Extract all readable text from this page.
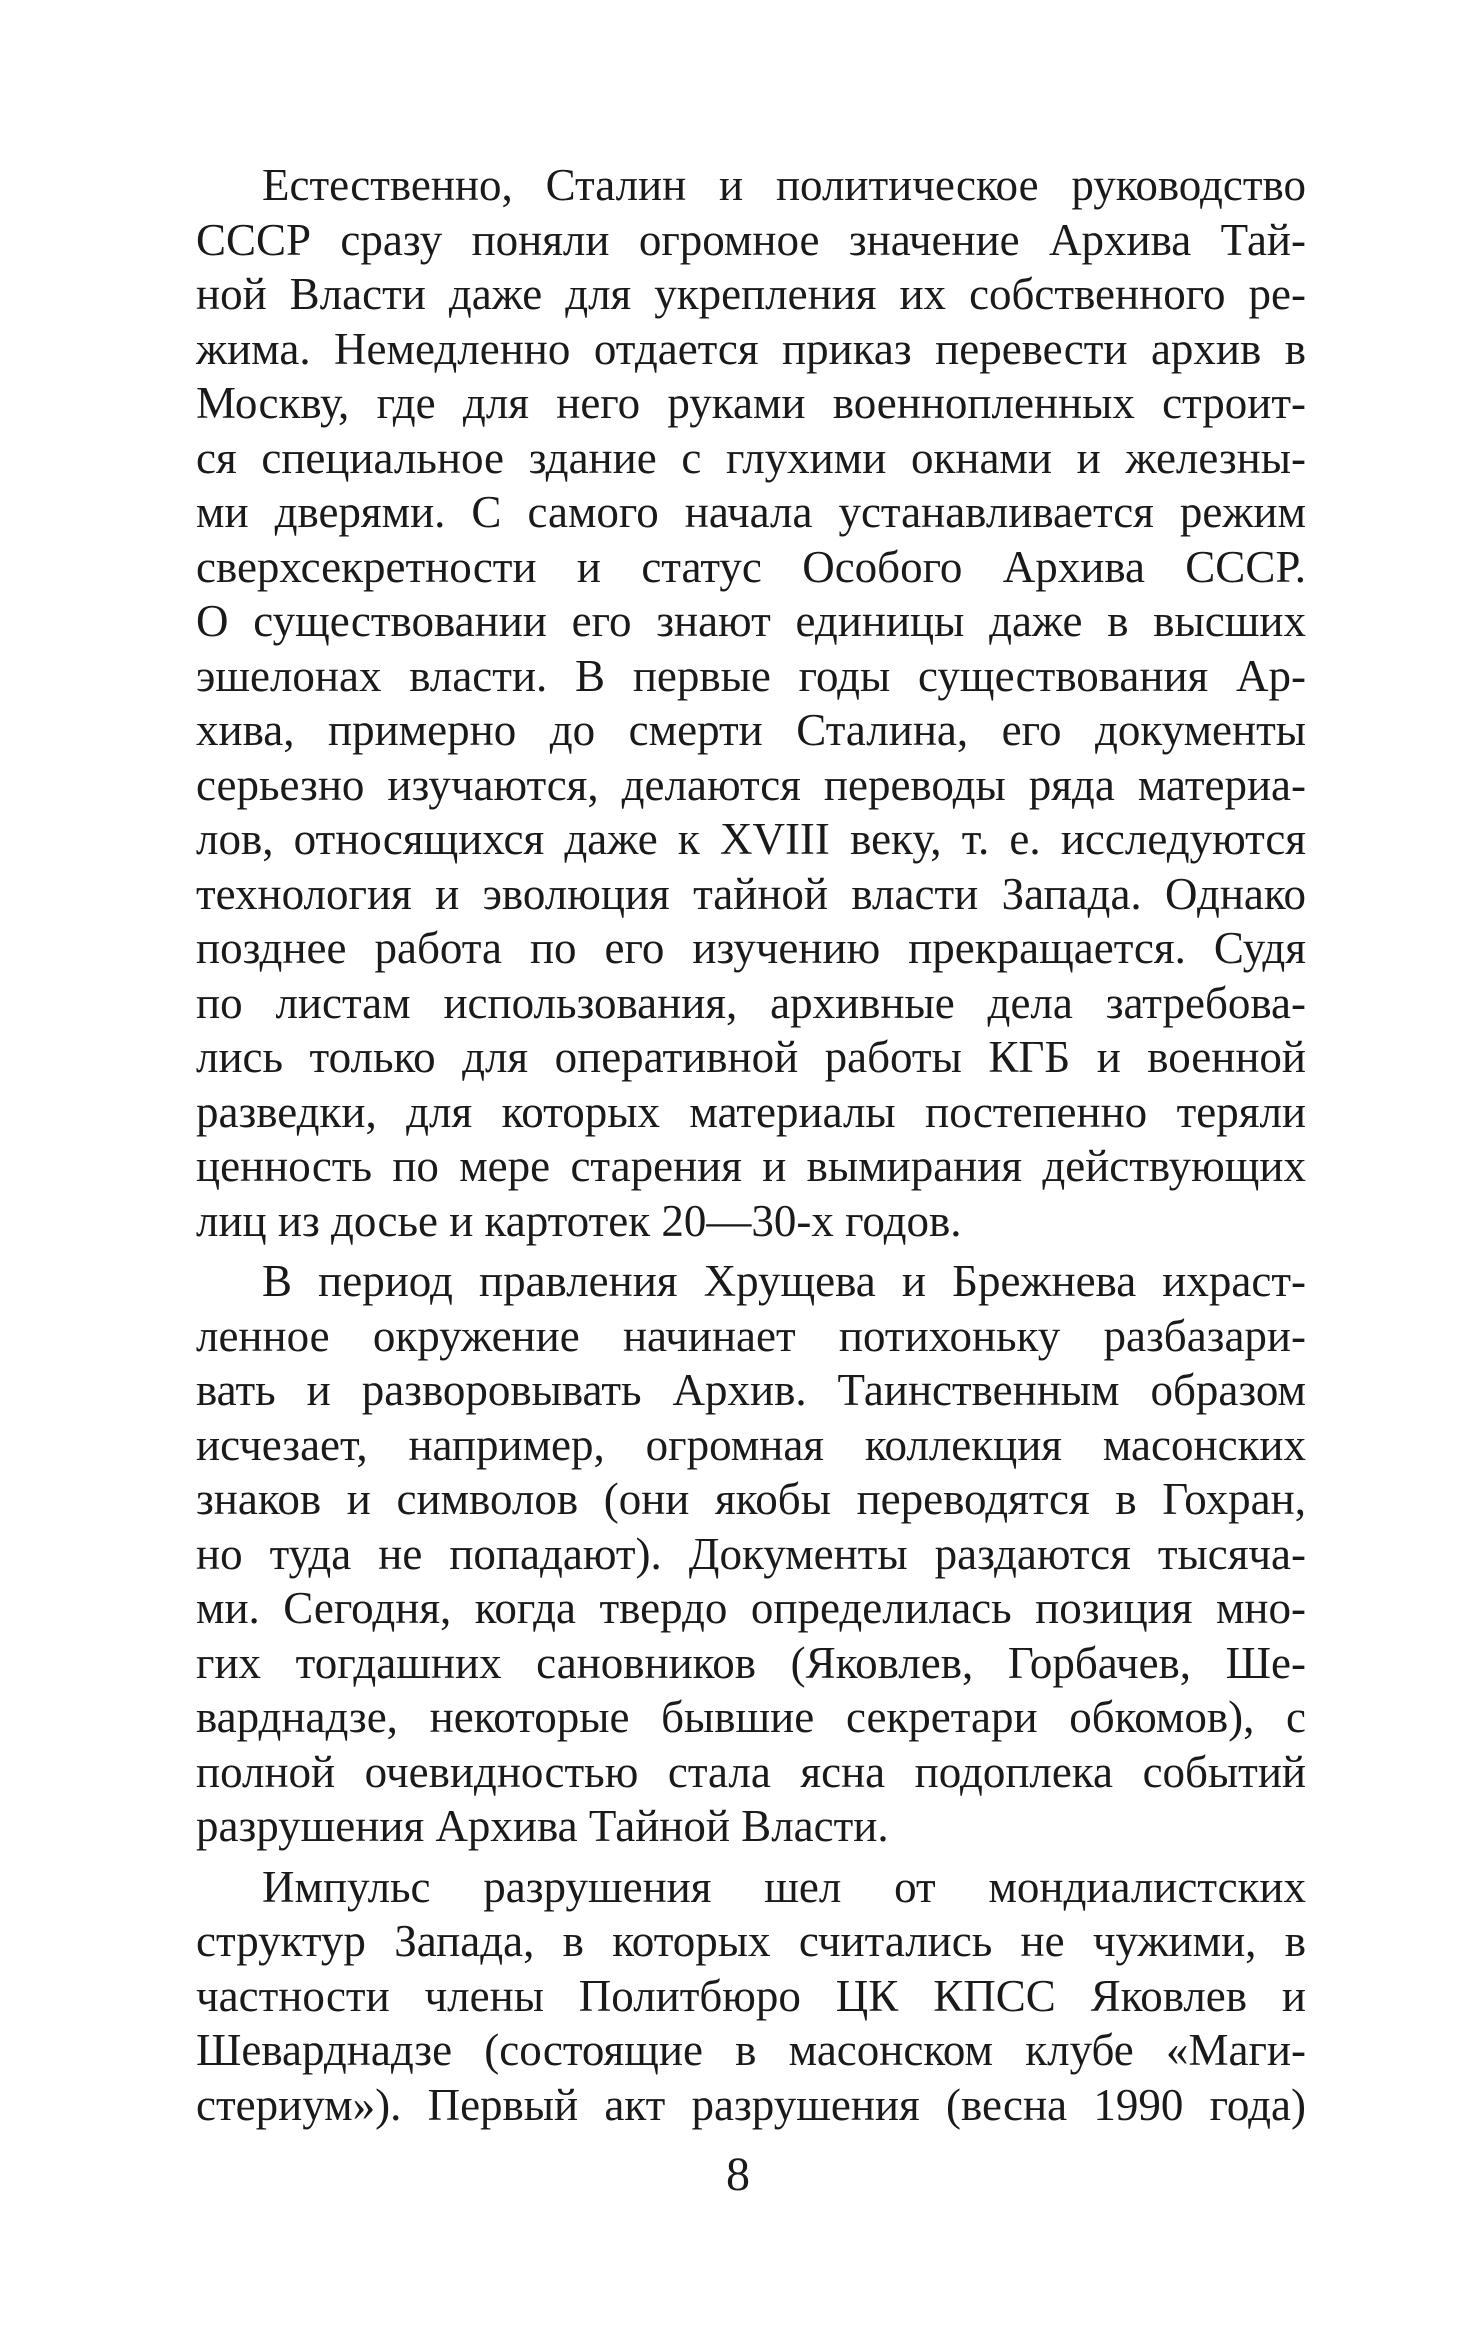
Естественно, Сталин и политическое руководство
СССР сразу поняли огромное значение Архива Тай-
ной Власти даже для укрепления их собственного ре-
жима. Немедленно отдается приказ перевести архив в
Москву, где для него руками военнопленных строит-
ся специальное здание с глухими окнами и железны-
ми дверями. С самого начала устанавливается режим
сверхсекретности и статус Особого Архива СССР.
О существовании его знают единицы даже в высших
эшелонах власти. В первые годы существования Ар-
хива, примерно до смерти Сталина, его документы
серьезно изучаются, делаются переводы ряда материа-
лов, относящихся даже к XVIII веку, т. е. исследуются
технология и эволюция тайной власти Запада. Однако
позднее работа по его изучению прекращается. Судя
по листам использования, архивные дела затребова-
лись только для оперативной работы КГБ и военной
разведки, для которых материалы постепенно теряли
ценность по мере старения и вымирания действующих
лиц из досье и картотек 20—30-х годов.
В период правления Хрущева и Брежнева ихраст-
ленное окружение начинает потихоньку разбазари-
вать и разворовывать Архив. Таинственным образом
исчезает, например, огромная коллекция масонских
знаков и символов (они якобы переводятся в Гохран,
но туда не попадают). Документы раздаются тысяча-
ми. Сегодня, когда твердо определилась позиция мно-
гих тогдашних сановников (Яковлев, Горбачев, Ше-
варднадзе, некоторые бывшие секретари обкомов), с
полной очевидностью стала ясна подоплека событий
разрушения Архива Тайной Власти.
Импульс разрушения шел от мондиалистских
структур Запада, в которых считались не чужими, в
частности члены Политбюро ЦК КПСС Яковлев и
Шеварднадзе (состоящие в масонском клубе «Маги-
стериум»). Первый акт разрушения (весна 1990 года)
8
